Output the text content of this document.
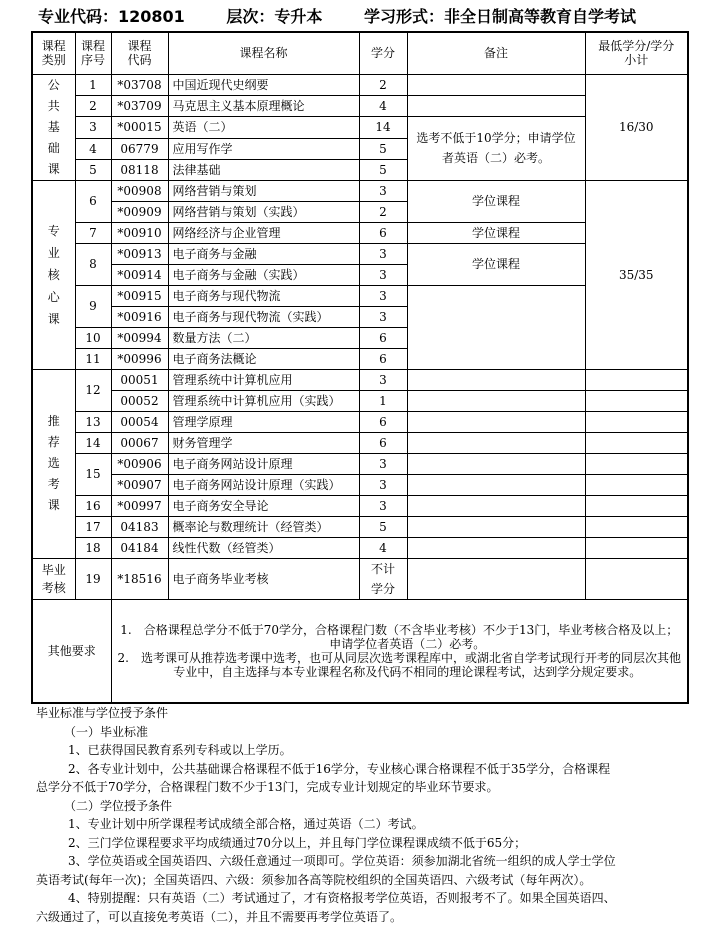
专业代码：120801	层次：专升本	学习形式：非全日制高等教育自学考试
课程类别	课程序号	课程代码	课程名称	学分	备注	最低学分/学分小计

公
共
基
础
课	1	*03708	中国近现代史纲要	2		16/30
	2	*03709	马克思主义基本原理概论	4		
	3	*00015	英语（二）	14	选考不低于10学分；申请学位者英语（二）必考。	
	4	06779	应用写作学	5		
	5	08118	法律基础	5		

专
业
核
心
课	6	*00908	网络营销与策划	3	学位课程	35/35
		*00909	网络营销与策划（实践）	2		
	7	*00910	网络经济与企业管理	6	学位课程	
	8	*00913	电子商务与金融	3	学位课程	
		*00914	电子商务与金融（实践）	3		
	9	*00915	电子商务与现代物流	3		
		*00916	电子商务与现代物流（实践）	3		
	10	*00994	数量方法（二）	6		
	11	*00996	电子商务法概论	6		

推
荐
选
考
课	12	00051	管理系统中计算机应用	3		
		00052	管理系统中计算机应用（实践）	1		
	13	00054	管理学原理	6		
	14	00067	财务管理学	6		
	15	*00906	电子商务网站设计原理	3		
		*00907	电子商务网站设计原理（实践）	3		
	16	*00997	电子商务安全导论	3		
	17	04183	概率论与数理统计（经管类）	5		
	18	04184	线性代数（经管类）	4		
毕业考核	19	*18516	电子商务毕业考核	不计学分		
其他要求		1.　合格课程总学分不低于70学分，合格课程门数（不含毕业考核）不少于13门，毕业考核合格及以上；申请学位者英语（二）必考。
2.　选考课可从推荐选考课中选考，也可从同层次选考课程库中，或湖北省自学考试现行开考的同层次其他专业中，自主选择与本专业课程名称及代码不相同的理论课程考试，达到学分规定要求。				
毕业标准与学位授予条件
（一）毕业标准
1、已获得国民教育系列专科或以上学历。
2、各专业计划中，公共基础课合格课程不低于16学分，专业核心课合格课程不低于35学分，合格课程
总学分不低于70学分，合格课程门数不少于13门，完成专业计划规定的毕业环节要求。
（二）学位授予条件
1、专业计划中所学课程考试成绩全部合格，通过英语（二）考试。
2、三门学位课程要求平均成绩通过70分以上，并且每门学位课程课成绩不低于65分；
3、学位英语或全国英语四、六级任意通过一项即可。学位英语：须参加湖北省统一组织的成人学士学位
英语考试(每年一次)；全国英语四、六级：须参加各高等院校组织的全国英语四、六级考试（每年两次）。
4、特别提醒：只有英语（二）考试通过了，才有资格报考学位英语，否则报考不了。如果全国英语四、
六级通过了，可以直接免考英语（二），并且不需要再考学位英语了。
